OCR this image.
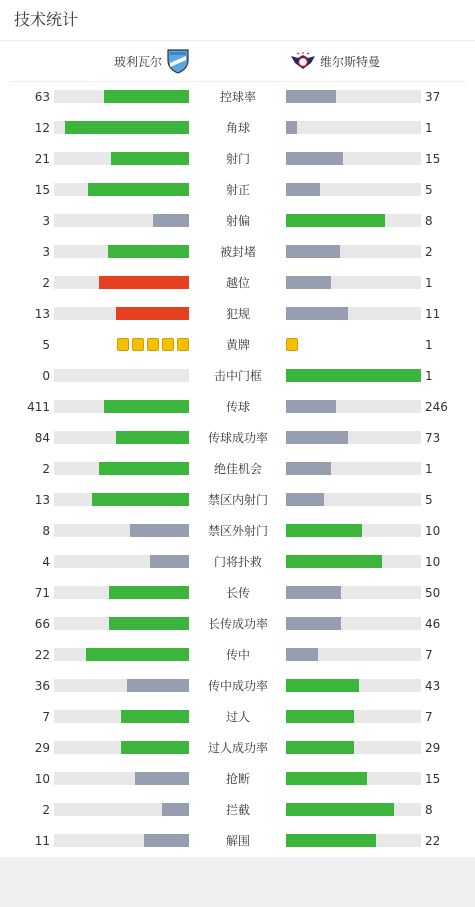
技术统计
玻利瓦尔	维尔斯特曼
63	控球率	37
12	角球	1
21	射门	15
15	射正	5
3	射偏	8
3	被封堵	2
2	越位	1
13	犯规	11
5	黄牌	1
0	击中门框	1
411	传球	246
84	传球成功率	73
2	绝佳机会	1
13	禁区内射门	5
8	禁区外射门	10
4	门将扑救	10
71	长传	50
66	长传成功率	46
22	传中	7
36	传中成功率	43
7	过人	7
29	过人成功率	29
10	抢断	15
2	拦截	8
11	解围	22
